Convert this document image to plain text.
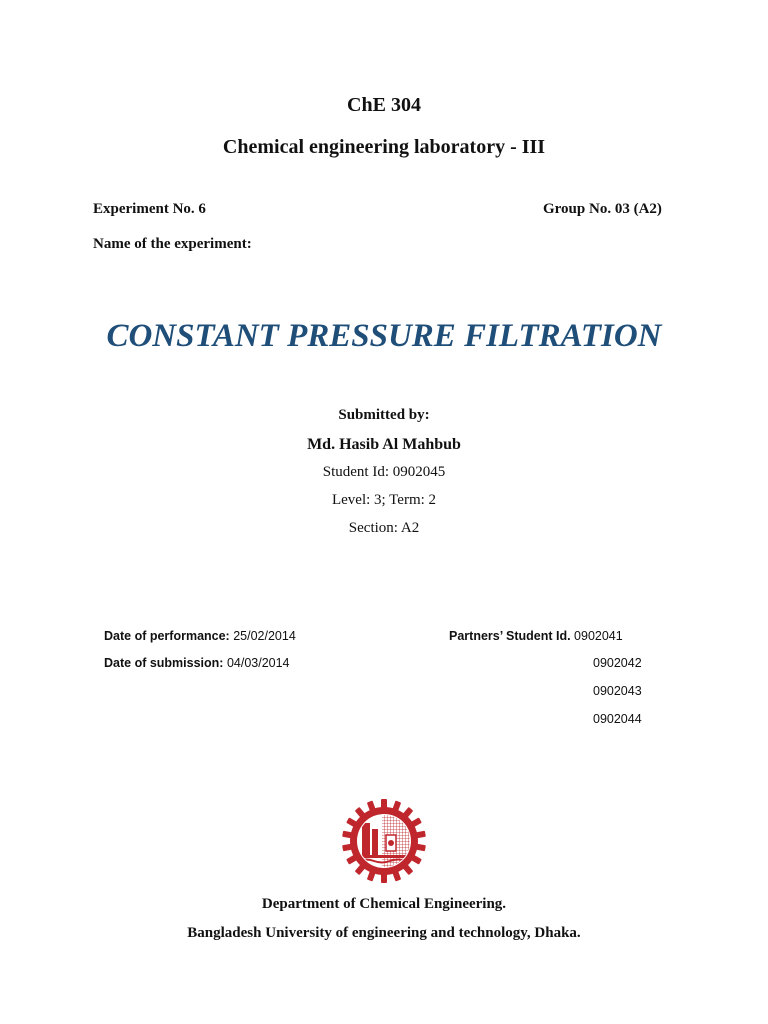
ChE 304
Chemical engineering laboratory - III
Experiment No. 6	Group No. 03 (A2)
Name of the experiment:
CONSTANT PRESSURE FILTRATION
Submitted by:
Md. Hasib Al Mahbub
Student Id: 0902045
Level: 3; Term: 2
Section: A2
Date of performance: 25/02/2014
Date of submission: 04/03/2014
Partners’ Student Id. 0902041
0902042
0902043
0902044
Department of Chemical Engineering.
Bangladesh University of engineering and technology, Dhaka.
